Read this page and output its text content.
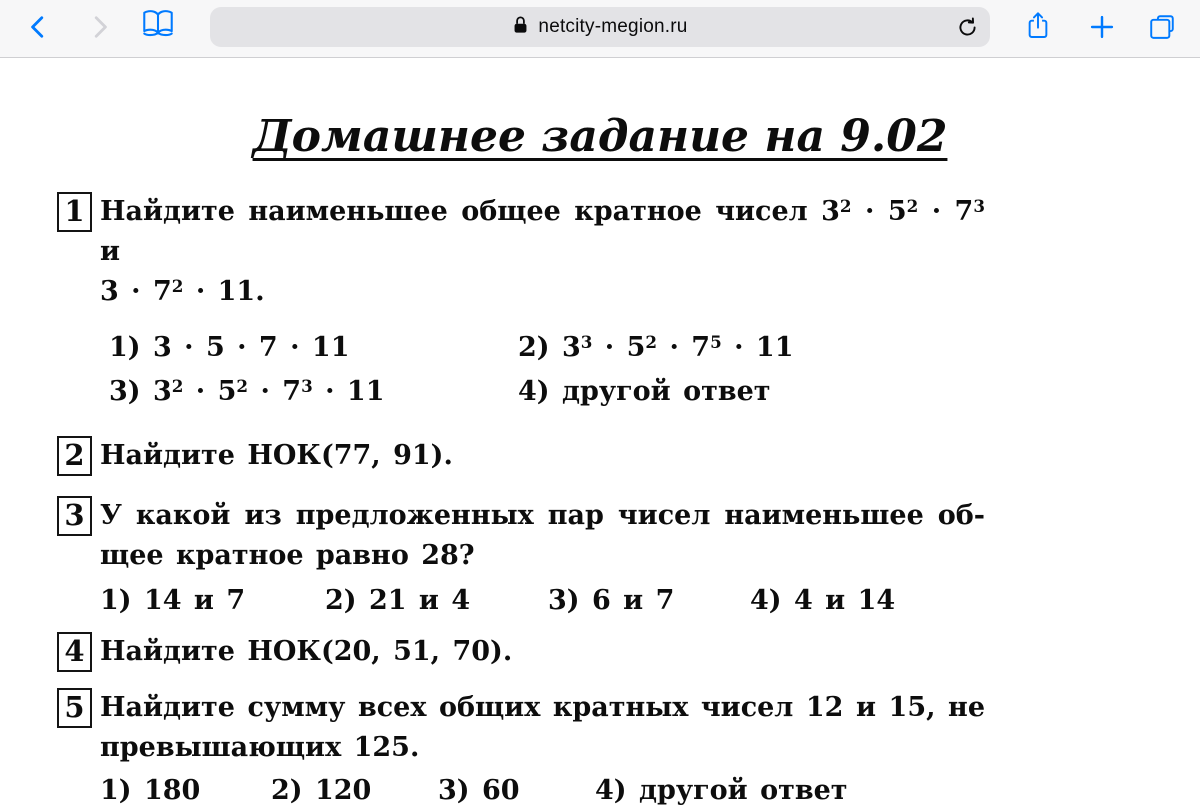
netcity-megion.ru
Домашнее задание на 9.02
1 Найдите наименьшее общее кратное чисел $3^2 \cdot 5^2 \cdot 7^3$ и
$3 \cdot 7^2 \cdot 11$.
1) 3 · 5 · 7 · 11	2) $3^3 \cdot 5^2 \cdot 7^5 \cdot 11$
3) $3^2 \cdot 5^2 \cdot 7^3 \cdot 11$	4) другой ответ
2 Найдите НОК(77, 91).
3 У какой из предложенных пар чисел наименьшее об-
щее кратное равно 28?
1) 14 и 7	2) 21 и 4	3) 6 и 7	4) 4 и 14
4 Найдите НОК(20, 51, 70).
5 Найдите сумму всех общих кратных чисел 12 и 15, не
превышающих 125.
1) 180	2) 120	3) 60	4) другой ответ
